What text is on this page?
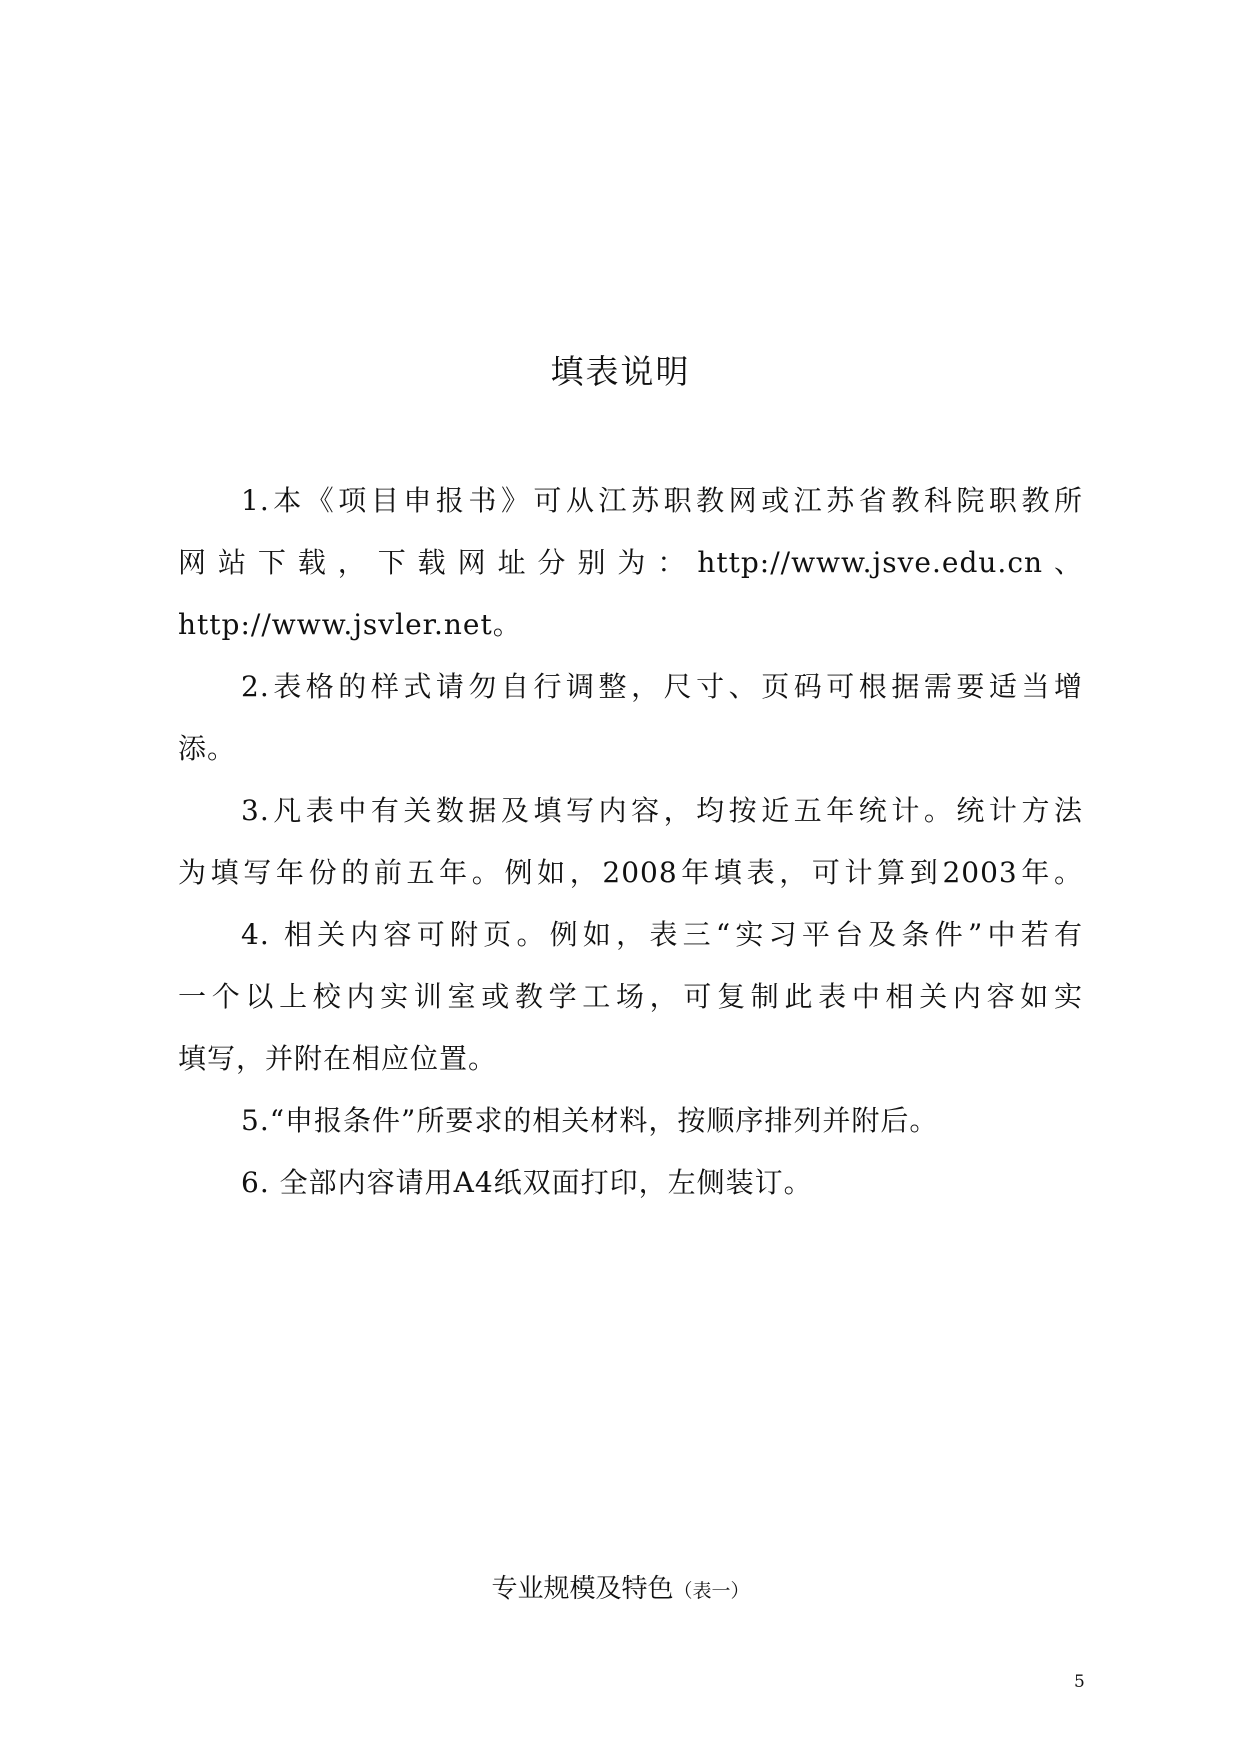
填表说明

1.本《项目申报书》可从江苏职教网或江苏省教科院职教所
网站下载，下载网址分别为：http://www.jsve.edu.cn、
http://www.jsvler.net。

2.表格的样式请勿自行调整，尺寸、页码可根据需要适当增
添。

3.凡表中有关数据及填写内容，均按近五年统计。统计方法
为填写年份的前五年。例如，2008年填表，可计算到2003年。

4. 相关内容可附页。例如，表三“实习平台及条件”中若有
一个以上校内实训室或教学工场，可复制此表中相关内容如实
填写，并附在相应位置。

5.“申报条件”所要求的相关材料，按顺序排列并附后。

6. 全部内容请用A4纸双面打印，左侧装订。

专业规模及特色（表一）
5
